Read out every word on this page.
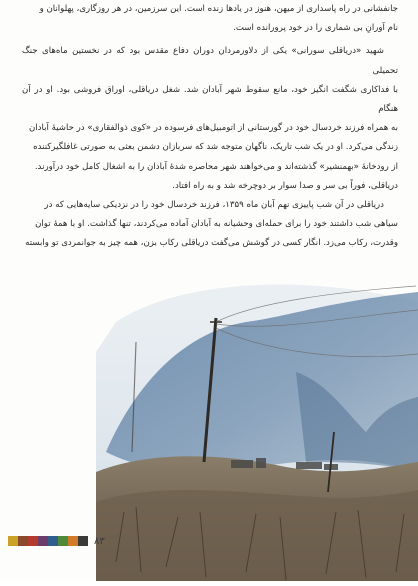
جانفشانی در راه پاسداری از میهن، هنوز در یادها زنده است. این سرزمین، در هر روزگاری، پهلوانان و
نام آورانِ بی شماری را در خود پرورانده است.

شهید «دریاقلی سورانی» یکی از دلاورمردان دوران دفاع مقدس بود که در نخستین ماه‌های جنگ تحمیلی
با فداکاری شگفت انگیز خود، مانع سقوط شهر آبادان شد. شغل دریاقلی، اوراق فروشی بود. او در آن هنگام
به همراه فرزند خردسال خود در گورستانی از اتومبیل‌های فرسوده در «کوی ذوالفقاری» در حاشیهٔ آبادان
زندگی می‌کرد. او در یک شب تاریک، ناگهان متوجه شد که سربازان دشمن بعثی به صورتی غافلگیرکننده
از رودخانهٔ «بهمنشیر» گذشته‌اند و می‌خواهند شهر محاصره شدهٔ آبادان را به اشغال کامل خود درآورند.
دریاقلی، فوراً بی سر و صدا سوار بر دوچرخه شد و به راه افتاد.

دریاقلی در آن شب پاییزی نهم آبان ماه ۱۳۵۹، فرزند خردسال خود را در نزدیکی سایه‌هایی که در
سیاهی شب داشتند خود را برای حمله‌ای وحشیانه به آبادان آماده می‌کردند، تنها گذاشت. او با همهٔ توان
وقدرت، رکاب می‌زد. انگار کسی در گوشش می‌گفت دریاقلی رکاب بزن، همه چیز به جوانمردی تو وابسته

۸۳
